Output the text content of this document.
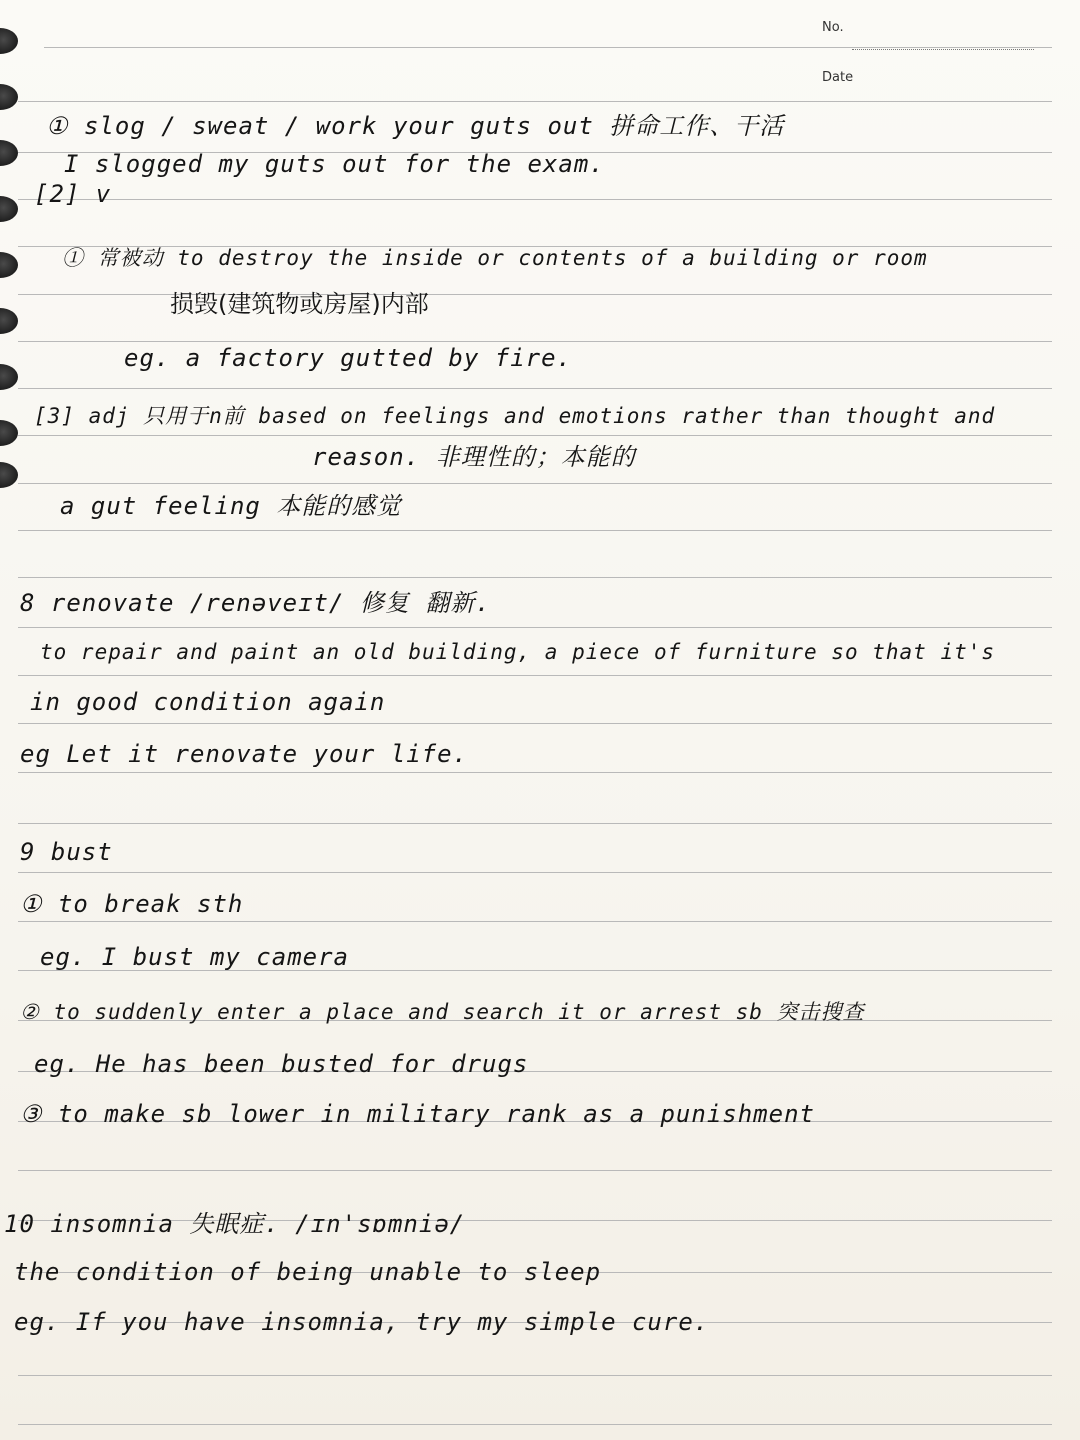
No.
Date
① slog / sweat / work your guts out 拼命工作、干活
I slogged my guts out for the exam.
[2] v
① 常被动 to destroy the inside or contents of a building or room
损毁(建筑物或房屋)内部
eg. a factory gutted by fire.
[3] adj 只用于n前 based on feelings and emotions rather than thought and
reason. 非理性的；本能的
a gut feeling 本能的感觉
8 renovate /renəveɪt/ 修复 翻新.
to repair and paint an old building, a piece of furniture so that it's
in good condition again
eg Let it renovate your life.
9 bust
① to break sth
eg. I bust my camera
② to suddenly enter a place and search it or arrest sb 突击搜查
eg. He has been busted for drugs
③ to make sb lower in military rank as a punishment
10 insomnia 失眠症. /ɪn'sɒmniə/
the condition of being unable to sleep
eg. If you have insomnia, try my simple cure.
